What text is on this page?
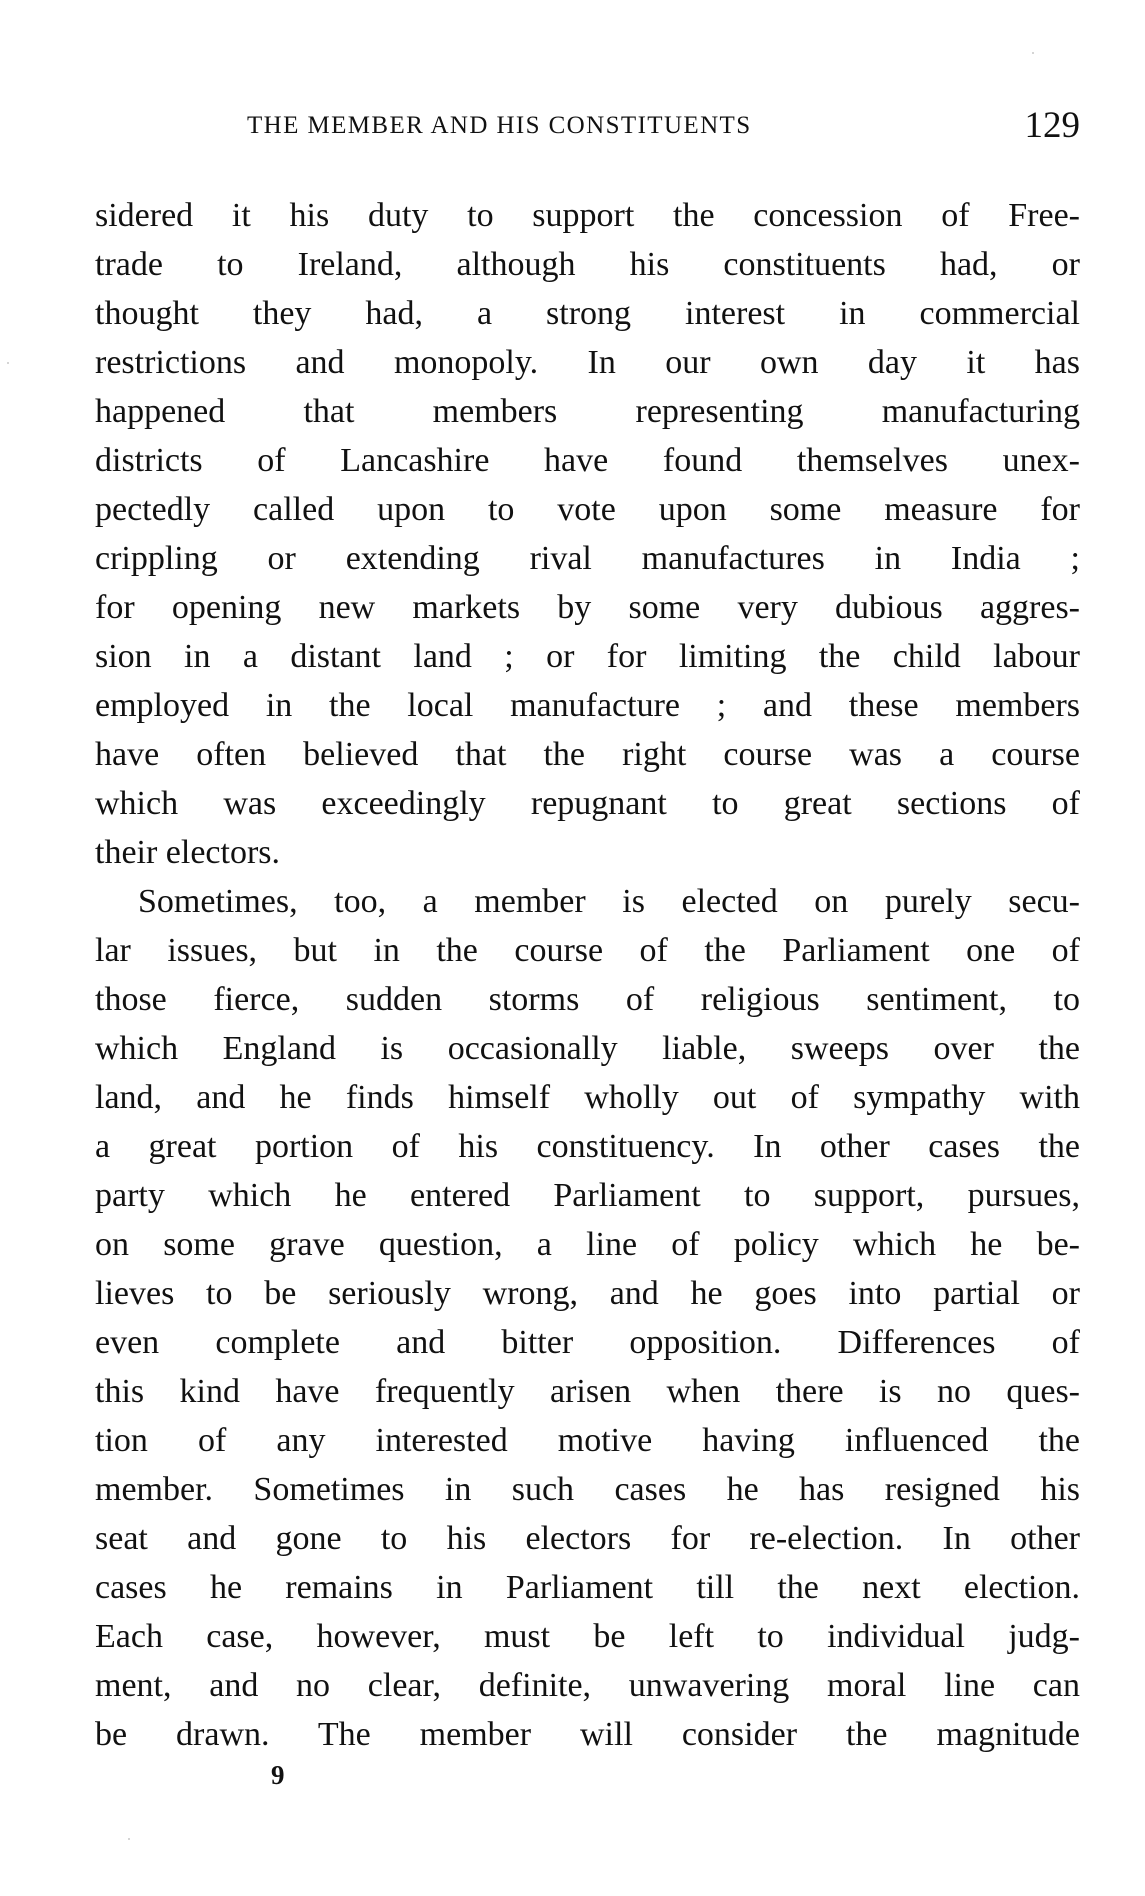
THE MEMBER AND HIS CONSTITUENTS	129
sidered it his duty to support the concession of Free-
trade to Ireland, although his constituents had, or
thought they had, a strong interest in commercial
restrictions and monopoly. In our own day it has
happened that members representing manufacturing
districts of Lancashire have found themselves unex-
pectedly called upon to vote upon some measure for
crippling or extending rival manufactures in India ;
for opening new markets by some very dubious aggres-
sion in a distant land ; or for limiting the child labour
employed in the local manufacture ; and these members
have often believed that the right course was a course
which was exceedingly repugnant to great sections of
their electors.
Sometimes, too, a member is elected on purely secu-
lar issues, but in the course of the Parliament one of
those fierce, sudden storms of religious sentiment, to
which England is occasionally liable, sweeps over the
land, and he finds himself wholly out of sympathy with
a great portion of his constituency. In other cases the
party which he entered Parliament to support, pursues,
on some grave question, a line of policy which he be-
lieves to be seriously wrong, and he goes into partial or
even complete and bitter opposition. Differences of
this kind have frequently arisen when there is no ques-
tion of any interested motive having influenced the
member. Sometimes in such cases he has resigned his
seat and gone to his electors for re-election. In other
cases he remains in Parliament till the next election.
Each case, however, must be left to individual judg-
ment, and no clear, definite, unwavering moral line can
be drawn. The member will consider the magnitude
9
